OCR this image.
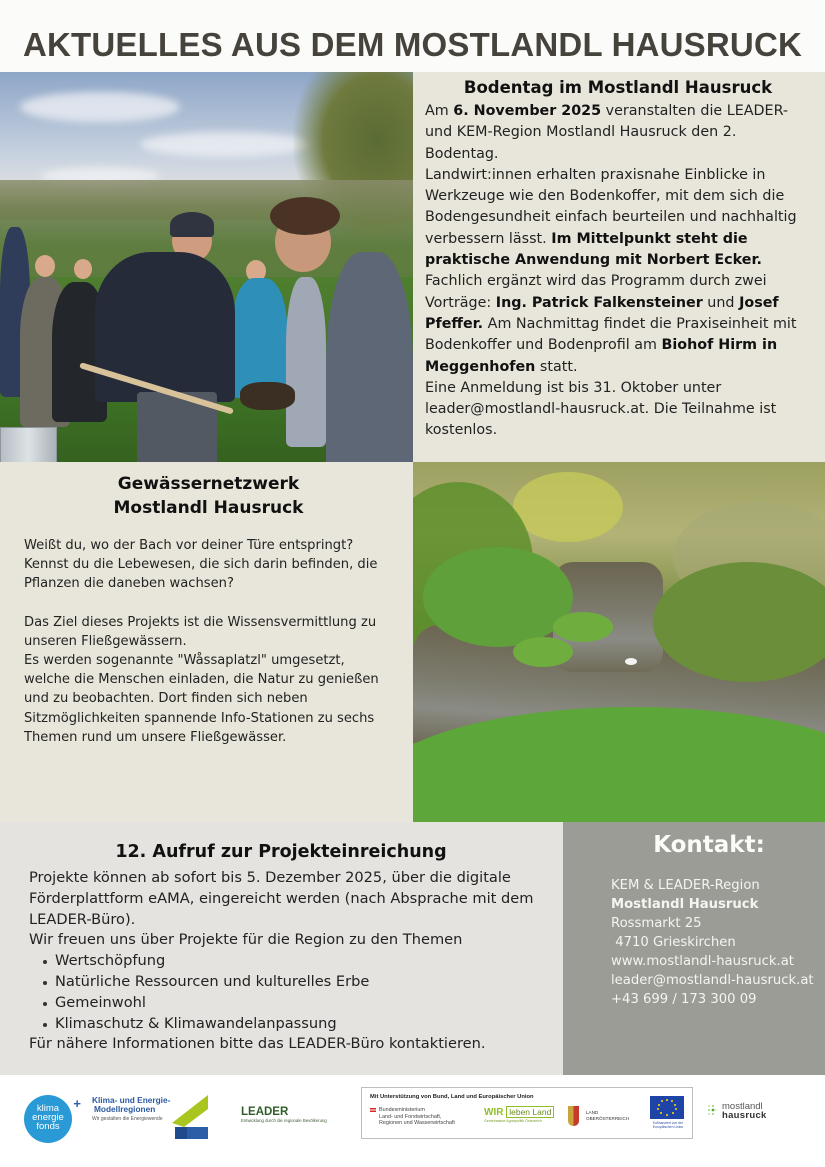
AKTUELLES AUS DEM MOSTLANDL HAUSRUCK
Bodentag im Mostlandl Hausruck

Am 6. November 2025 veranstalten die LEADER- und KEM-Region Mostlandl Hausruck den 2. Bodentag.

Landwirt:innen erhalten praxisnahe Einblicke in Werkzeuge wie den Bodenkoffer, mit dem sich die Bodengesundheit einfach beurteilen und nachhaltig verbessern lässt. Im Mittelpunkt steht die praktische Anwendung mit Norbert Ecker. Fachlich ergänzt wird das Programm durch zwei Vorträge: Ing. Patrick Falkensteiner und Josef Pfeffer. Am Nachmittag findet die Praxiseinheit mit Bodenkoffer und Bodenprofil am Biohof Hirm in Meggenhofen statt.

Eine Anmeldung ist bis 31. Oktober unter leader@mostlandl-hausruck.at. Die Teilnahme ist kostenlos.

Gewässernetzwerk
Mostlandl Hausruck

Weißt du, wo der Bach vor deiner Türe entspringt? Kennst du die Lebewesen, die sich darin befinden, die Pflanzen die daneben wachsen?

Das Ziel dieses Projekts ist die Wissensvermittlung zu unseren Fließgewässern.

Es werden sogenannte "Wåssaplatzl" umgesetzt, welche die Menschen einladen, die Natur zu genießen und zu beobachten. Dort finden sich neben Sitzmöglichkeiten spannende Info-Stationen zu sechs Themen rund um unsere Fließgewässer.

12. Aufruf zur Projekteinreichung

Projekte können ab sofort bis 5. Dezember 2025, über die digitale Förderplattform eAMA, eingereicht werden (nach Absprache mit dem LEADER-Büro).

Wir freuen uns über Projekte für die Region zu den Themen

Wertschöpfung
Natürliche Ressourcen und kulturelles Erbe
Gemeinwohl
Klimaschutz & Klimawandelanpassung

Für nähere Informationen bitte das LEADER-Büro kontaktieren.

Kontakt:
KEM & LEADER-Region
Mostlandl Hausruck
Rossmarkt 25
4710 Grieskirchen
www.mostlandl-hausruck.at
leader@mostlandl-hausruck.at
+43 699 / 173 300 09
klima
energie
fonds
+ Klima- und Energie-
Modellregionen
Wir gestalten die Energiewende
LEADER
Entwicklung durch die regionale Bevölkerung
Mit Unterstützung von Bund, Land und Europäischer Union
Bundesministerium
Land- und Forstwirtschaft,
Regionen und Wasserwirtschaft
WIR leben Land
Gemeinsame Agrarpolitik Österreich
LAND
OBERÖSTERREICH
Kofinanziert von der Europäischen Union
mostlandl
hausruck
